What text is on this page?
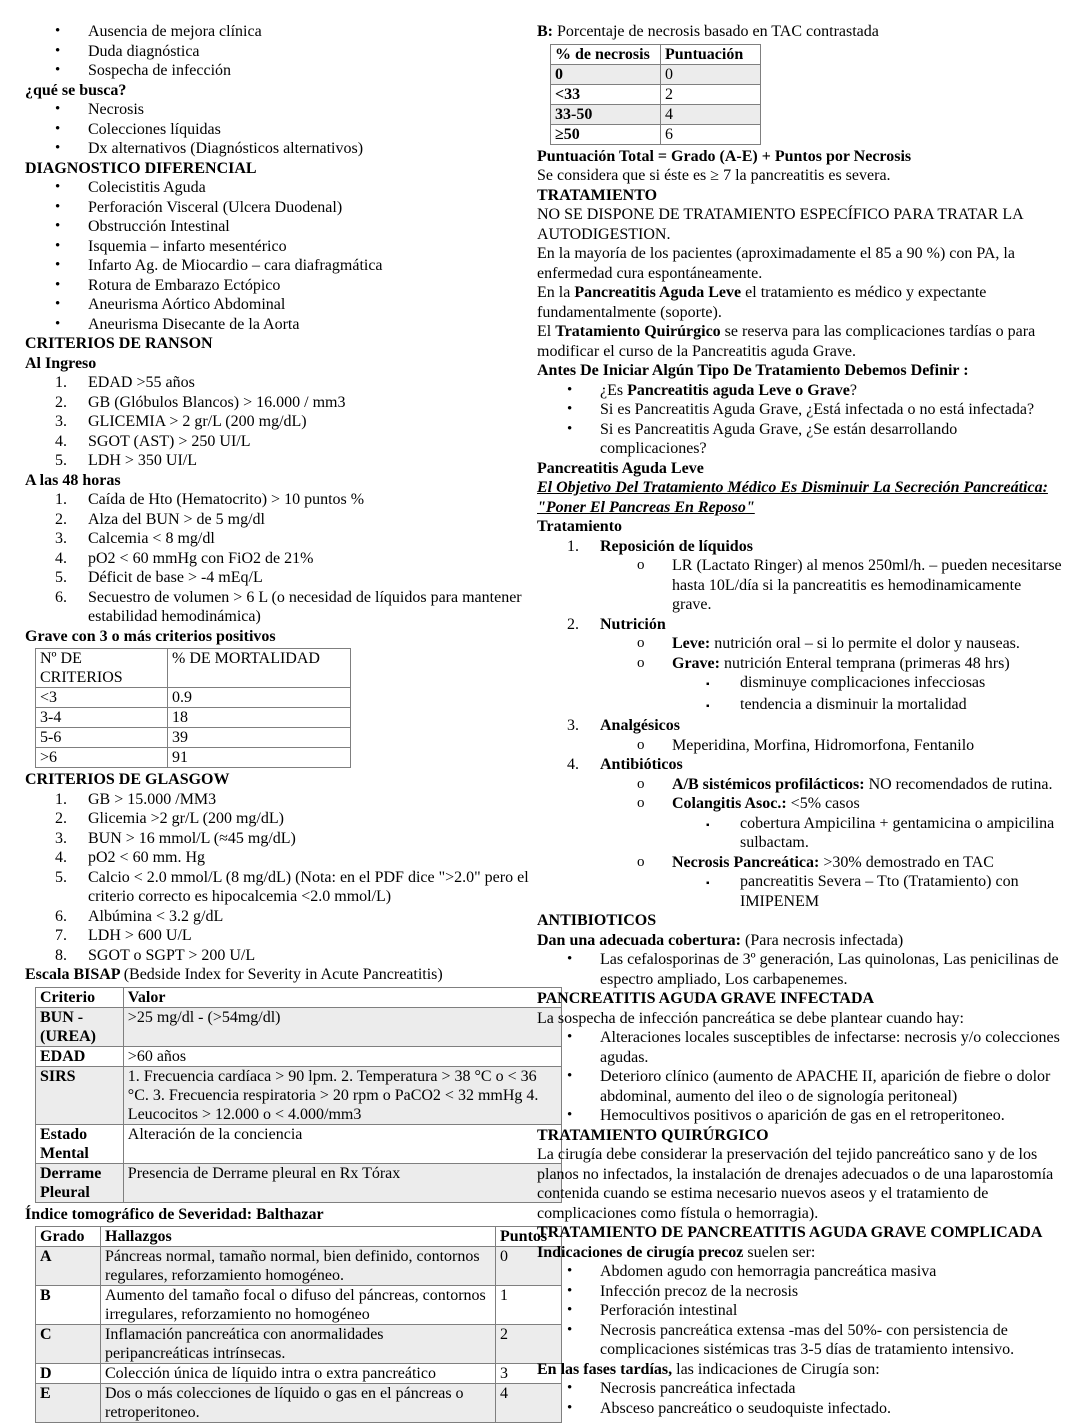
•	Ausencia de mejora clínica
•	Duda diagnóstica
•	Sospecha de infección
¿qué se busca?
•	Necrosis
•	Colecciones líquidas
•	Dx alternativos (Diagnósticos alternativos)
DIAGNOSTICO DIFERENCIAL
•	Colecistitis Aguda
•	Perforación Visceral (Ulcera Duodenal)
•	Obstrucción Intestinal
•	Isquemia – infarto mesentérico
•	Infarto Ag. de Miocardio – cara diafragmática
•	Rotura de Embarazo Ectópico
•	Aneurisma Aórtico Abdominal
•	Aneurisma Disecante de la Aorta
CRITERIOS DE RANSON
Al Ingreso
1.	EDAD >55 años
2.	GB (Glóbulos Blancos) > 16.000 / mm3
3.	GLICEMIA > 2 gr/L (200 mg/dL)
4.	SGOT (AST) > 250 UI/L
5.	LDH > 350 UI/L
A las 48 horas
1.	Caída de Hto (Hematocrito) > 10 puntos %
2.	Alza del BUN > de 5 mg/dl
3.	Calcemia < 8 mg/dl
4.	pO2 < 60 mmHg con FiO2 de 21%
5.	Déficit de base > -4 mEq/L
6.	Secuestro de volumen > 6 L (o necesidad de líquidos para mantener estabilidad hemodinámica)
Grave con 3 o más criterios positivos
Nº DE CRITERIOS	% DE MORTALIDAD
<3	0.9
3-4	18
5-6	39
>6	91
CRITERIOS DE GLASGOW
1.	GB > 15.000 /MM3
2.	Glicemia >2 gr/L (200 mg/dL)
3.	BUN > 16 mmol/L (≈45 mg/dL)
4.	pO2 < 60 mm. Hg
5.	Calcio < 2.0 mmol/L (8 mg/dL) (Nota: en el PDF dice ">2.0" pero el criterio correcto es hipocalcemia <2.0 mmol/L)
6.	Albúmina < 3.2 g/dL
7.	LDH > 600 U/L
8.	SGOT o SGPT > 200 U/L
Escala BISAP (Bedside Index for Severity in Acute Pancreatitis)
Criterio	Valor
BUN - (UREA)	>25 mg/dl - (>54mg/dl)
EDAD	>60 años
SIRS	1. Frecuencia cardíaca > 90 lpm. 2. Temperatura > 38 °C o < 36 °C. 3. Frecuencia respiratoria > 20 rpm o PaCO2 < 32 mmHg 4. Leucocitos > 12.000 o < 4.000/mm3
Estado Mental	Alteración de la conciencia
Derrame Pleural	Presencia de Derrame pleural en Rx Tórax
Índice tomográfico de Severidad: Balthazar
Grado	Hallazgos	Puntos
A	Páncreas normal, tamaño normal, bien definido, contornos regulares, reforzamiento homogéneo.	0
B	Aumento del tamaño focal o difuso del páncreas, contornos irregulares, reforzamiento no homogéneo	1
C	Inflamación pancreática con anormalidades peripancreáticas intrínsecas.	2
D	Colección única de líquido intra o extra pancreático	3
E	Dos o más colecciones de líquido o gas en el páncreas o retroperitoneo.	4
B: Porcentaje de necrosis basado en TAC contrastada
% de necrosis	Puntuación
0	0
<33	2
33-50	4
≥50	6
Puntuación Total = Grado (A-E) + Puntos por Necrosis
Se considera que si éste es ≥ 7 la pancreatitis es severa.
TRATAMIENTO
NO SE DISPONE DE TRATAMIENTO ESPECÍFICO PARA TRATAR LA AUTODIGESTION.
En la mayoría de los pacientes (aproximadamente el 85 a 90 %) con PA, la enfermedad cura espontáneamente.
En la Pancreatitis Aguda Leve el tratamiento es médico y expectante fundamentalmente (soporte).
El Tratamiento Quirúrgico se reserva para las complicaciones tardías o para modificar el curso de la Pancreatitis aguda Grave.
Antes De Iniciar Algún Tipo De Tratamiento Debemos Definir :
•	¿Es Pancreatitis aguda Leve o Grave?
•	Si es Pancreatitis Aguda Grave, ¿Está infectada o no está infectada?
•	Si es Pancreatitis Aguda Grave, ¿Se están desarrollando complicaciones?
Pancreatitis Aguda Leve
El Objetivo Del Tratamiento Médico Es Disminuir La Secreción Pancreática:
"Poner El Pancreas En Reposo"
Tratamiento
1.	Reposición de líquidos
o	LR (Lactato Ringer) al menos 250ml/h. – pueden necesitarse hasta 10L/día si la pancreatitis es hemodinamicamente grave.
2.	Nutrición
o	Leve: nutrición oral – si lo permite el dolor y nauseas.
o	Grave: nutrición Enteral temprana (primeras 48 hrs)
▪	disminuye complicaciones infecciosas
▪	tendencia a disminuir la mortalidad
3.	Analgésicos
o	Meperidina, Morfina, Hidromorfona, Fentanilo
4.	Antibióticos
o	A/B sistémicos profilácticos: NO recomendados de rutina.
o	Colangitis Asoc.: <5% casos
▪	cobertura Ampicilina + gentamicina o ampicilina sulbactam.
o	Necrosis Pancreática: >30% demostrado en TAC
▪	pancreatitis Severa – Tto (Tratamiento) con IMIPENEM
ANTIBIOTICOS
Dan una adecuada cobertura: (Para necrosis infectada)
•	Las cefalosporinas de 3º generación, Las quinolonas, Las penicilinas de espectro ampliado, Los carbapenemes.
PANCREATITIS AGUDA GRAVE INFECTADA
La sospecha de infección pancreática se debe plantear cuando hay:
•	Alteraciones locales susceptibles de infectarse: necrosis y/o colecciones agudas.
•	Deterioro clínico (aumento de APACHE II, aparición de fiebre o dolor abdominal, aumento del ileo o de signología peritoneal)
•	Hemocultivos positivos o aparición de gas en el retroperitoneo.
TRATAMIENTO QUIRÚRGICO
La cirugía debe considerar la preservación del tejido pancreático sano y de los planos no infectados, la instalación de drenajes adecuados o de una laparostomía contenida cuando se estima necesario nuevos aseos y el tratamiento de complicaciones como fístula o hemorragia).
TRATAMIENTO DE PANCREATITIS AGUDA GRAVE COMPLICADA
Indicaciones de cirugía precoz suelen ser:
•	Abdomen agudo con hemorragia pancreática masiva
•	Infección precoz de la necrosis
•	Perforación intestinal
•	Necrosis pancreática extensa -mas del 50%- con persistencia de complicaciones sistémicas tras 3-5 días de tratamiento intensivo.
En las fases tardías, las indicaciones de Cirugía son:
•	Necrosis pancreática infectada
•	Absceso pancreático o seudoquiste infectado.
